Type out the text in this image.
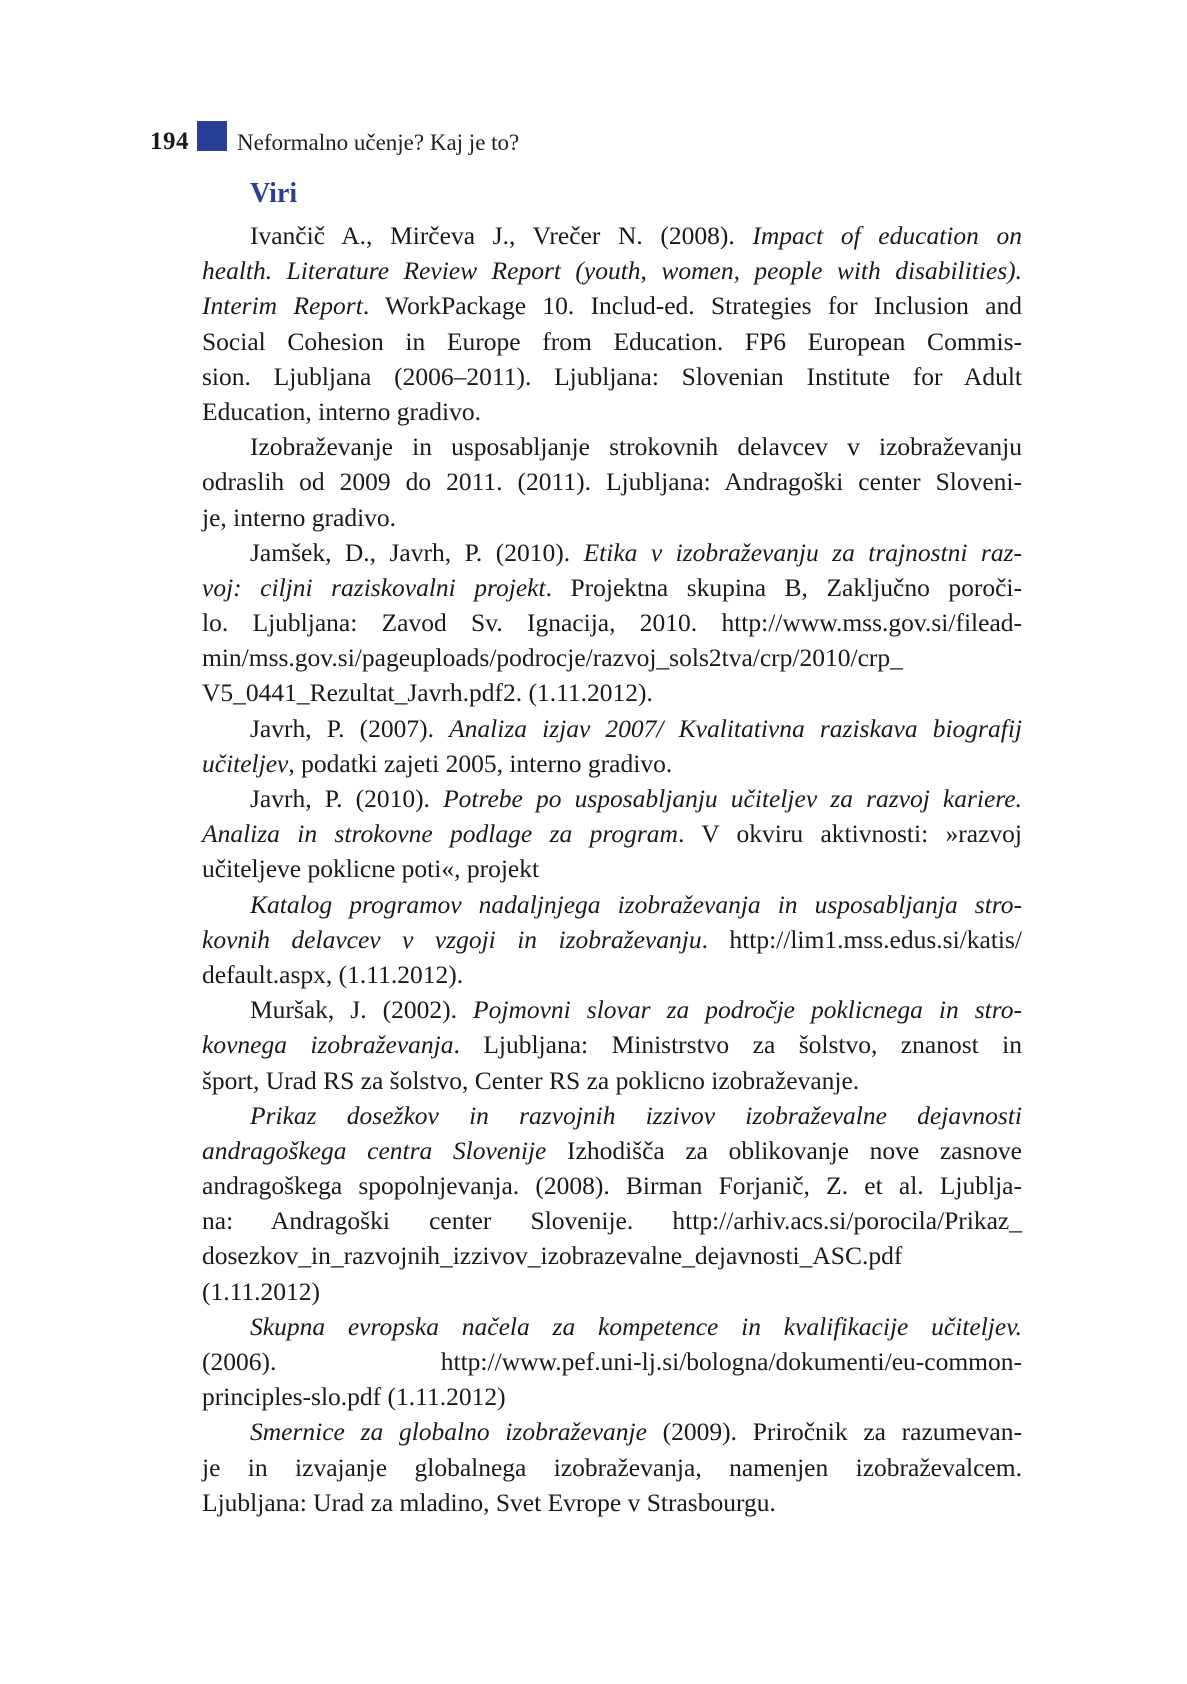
194 Neformalno učenje? Kaj je to?
Viri
Ivančič A., Mirčeva J., Vrečer N. (2008). Impact of education on
health. Literature Review Report (youth, women, people with disabilities).
Interim Report. WorkPackage 10. Includ-ed. Strategies for Inclusion and
Social Cohesion in Europe from Education. FP6 European Commis-
sion. Ljubljana (2006–2011). Ljubljana: Slovenian Institute for Adult
Education, interno gradivo.
Izobraževanje in usposabljanje strokovnih delavcev v izobraževanju
odraslih od 2009 do 2011. (2011). Ljubljana: Andragoški center Sloveni-
je, interno gradivo.
Jamšek, D., Javrh, P. (2010). Etika v izobraževanju za trajnostni raz-
voj: ciljni raziskovalni projekt. Projektna skupina B, Zaključno poroči-
lo. Ljubljana: Zavod Sv. Ignacija, 2010. http://www.mss.gov.si/filead-
min/mss.gov.si/pageuploads/podrocje/razvoj_sols2tva/crp/2010/crp_
V5_0441_Rezultat_Javrh.pdf2. (1.11.2012).
Javrh, P. (2007). Analiza izjav 2007/ Kvalitativna raziskava biografij
učiteljev, podatki zajeti 2005, interno gradivo.
Javrh, P. (2010). Potrebe po usposabljanju učiteljev za razvoj kariere.
Analiza in strokovne podlage za program. V okviru aktivnosti: »razvoj
učiteljeve poklicne poti«, projekt
Katalog programov nadaljnjega izobraževanja in usposabljanja stro-
kovnih delavcev v vzgoji in izobraževanju. http://lim1.mss.edus.si/katis/
default.aspx, (1.11.2012).
Muršak, J. (2002). Pojmovni slovar za področje poklicnega in stro-
kovnega izobraževanja. Ljubljana: Ministrstvo za šolstvo, znanost in
šport, Urad RS za šolstvo, Center RS za poklicno izobraževanje.
Prikaz dosežkov in razvojnih izzivov izobraževalne dejavnosti
andragoškega centra Slovenije Izhodišča za oblikovanje nove zasnove
andragoškega spopolnjevanja. (2008). Birman Forjanič, Z. et al. Ljublja-
na: Andragoški center Slovenije. http://arhiv.acs.si/porocila/Prikaz_
dosezkov_in_razvojnih_izzivov_izobrazevalne_dejavnosti_ASC.pdf
(1.11.2012)
Skupna evropska načela za kompetence in kvalifikacije učiteljev.
(2006). http://www.pef.uni-lj.si/bologna/dokumenti/eu-common-
principles-slo.pdf (1.11.2012)
Smernice za globalno izobraževanje (2009). Priročnik za razumevan-
je in izvajanje globalnega izobraževanja, namenjen izobraževalcem.
Ljubljana: Urad za mladino, Svet Evrope v Strasbourgu.
